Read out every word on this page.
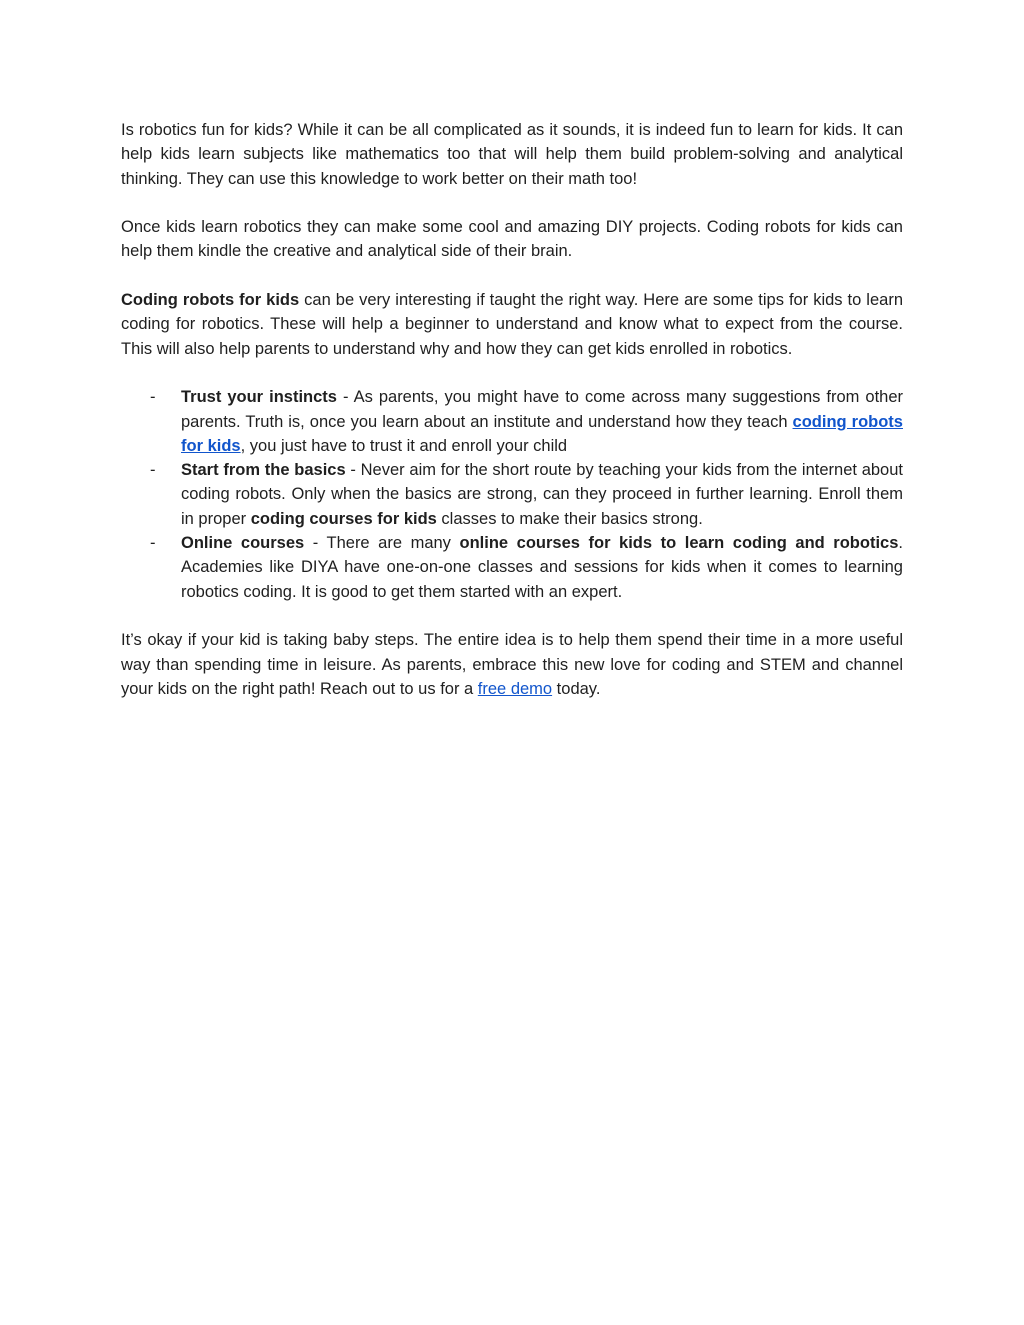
Is robotics fun for kids? While it can be all complicated as it sounds, it is indeed fun to learn for kids. It can help kids learn subjects like mathematics too that will help them build problem-solving and analytical thinking. They can use this knowledge to work better on their math too!

Once kids learn robotics they can make some cool and amazing DIY projects. Coding robots for kids can help them kindle the creative and analytical side of their brain.

Coding robots for kids can be very interesting if taught the right way. Here are some tips for kids to learn coding for robotics. These will help a beginner to understand and know what to expect from the course. This will also help parents to understand why and how they can get kids enrolled in robotics.

- Trust your instincts - As parents, you might have to come across many suggestions from other parents. Truth is, once you learn about an institute and understand how they teach coding robots for kids, you just have to trust it and enroll your child
- Start from the basics - Never aim for the short route by teaching your kids from the internet about coding robots. Only when the basics are strong, can they proceed in further learning. Enroll them in proper coding courses for kids classes to make their basics strong.
- Online courses - There are many online courses for kids to learn coding and robotics. Academies like DIYA have one-on-one classes and sessions for kids when it comes to learning robotics coding. It is good to get them started with an expert.

It’s okay if your kid is taking baby steps. The entire idea is to help them spend their time in a more useful way than spending time in leisure. As parents, embrace this new love for coding and STEM and channel your kids on the right path! Reach out to us for a free demo today.
